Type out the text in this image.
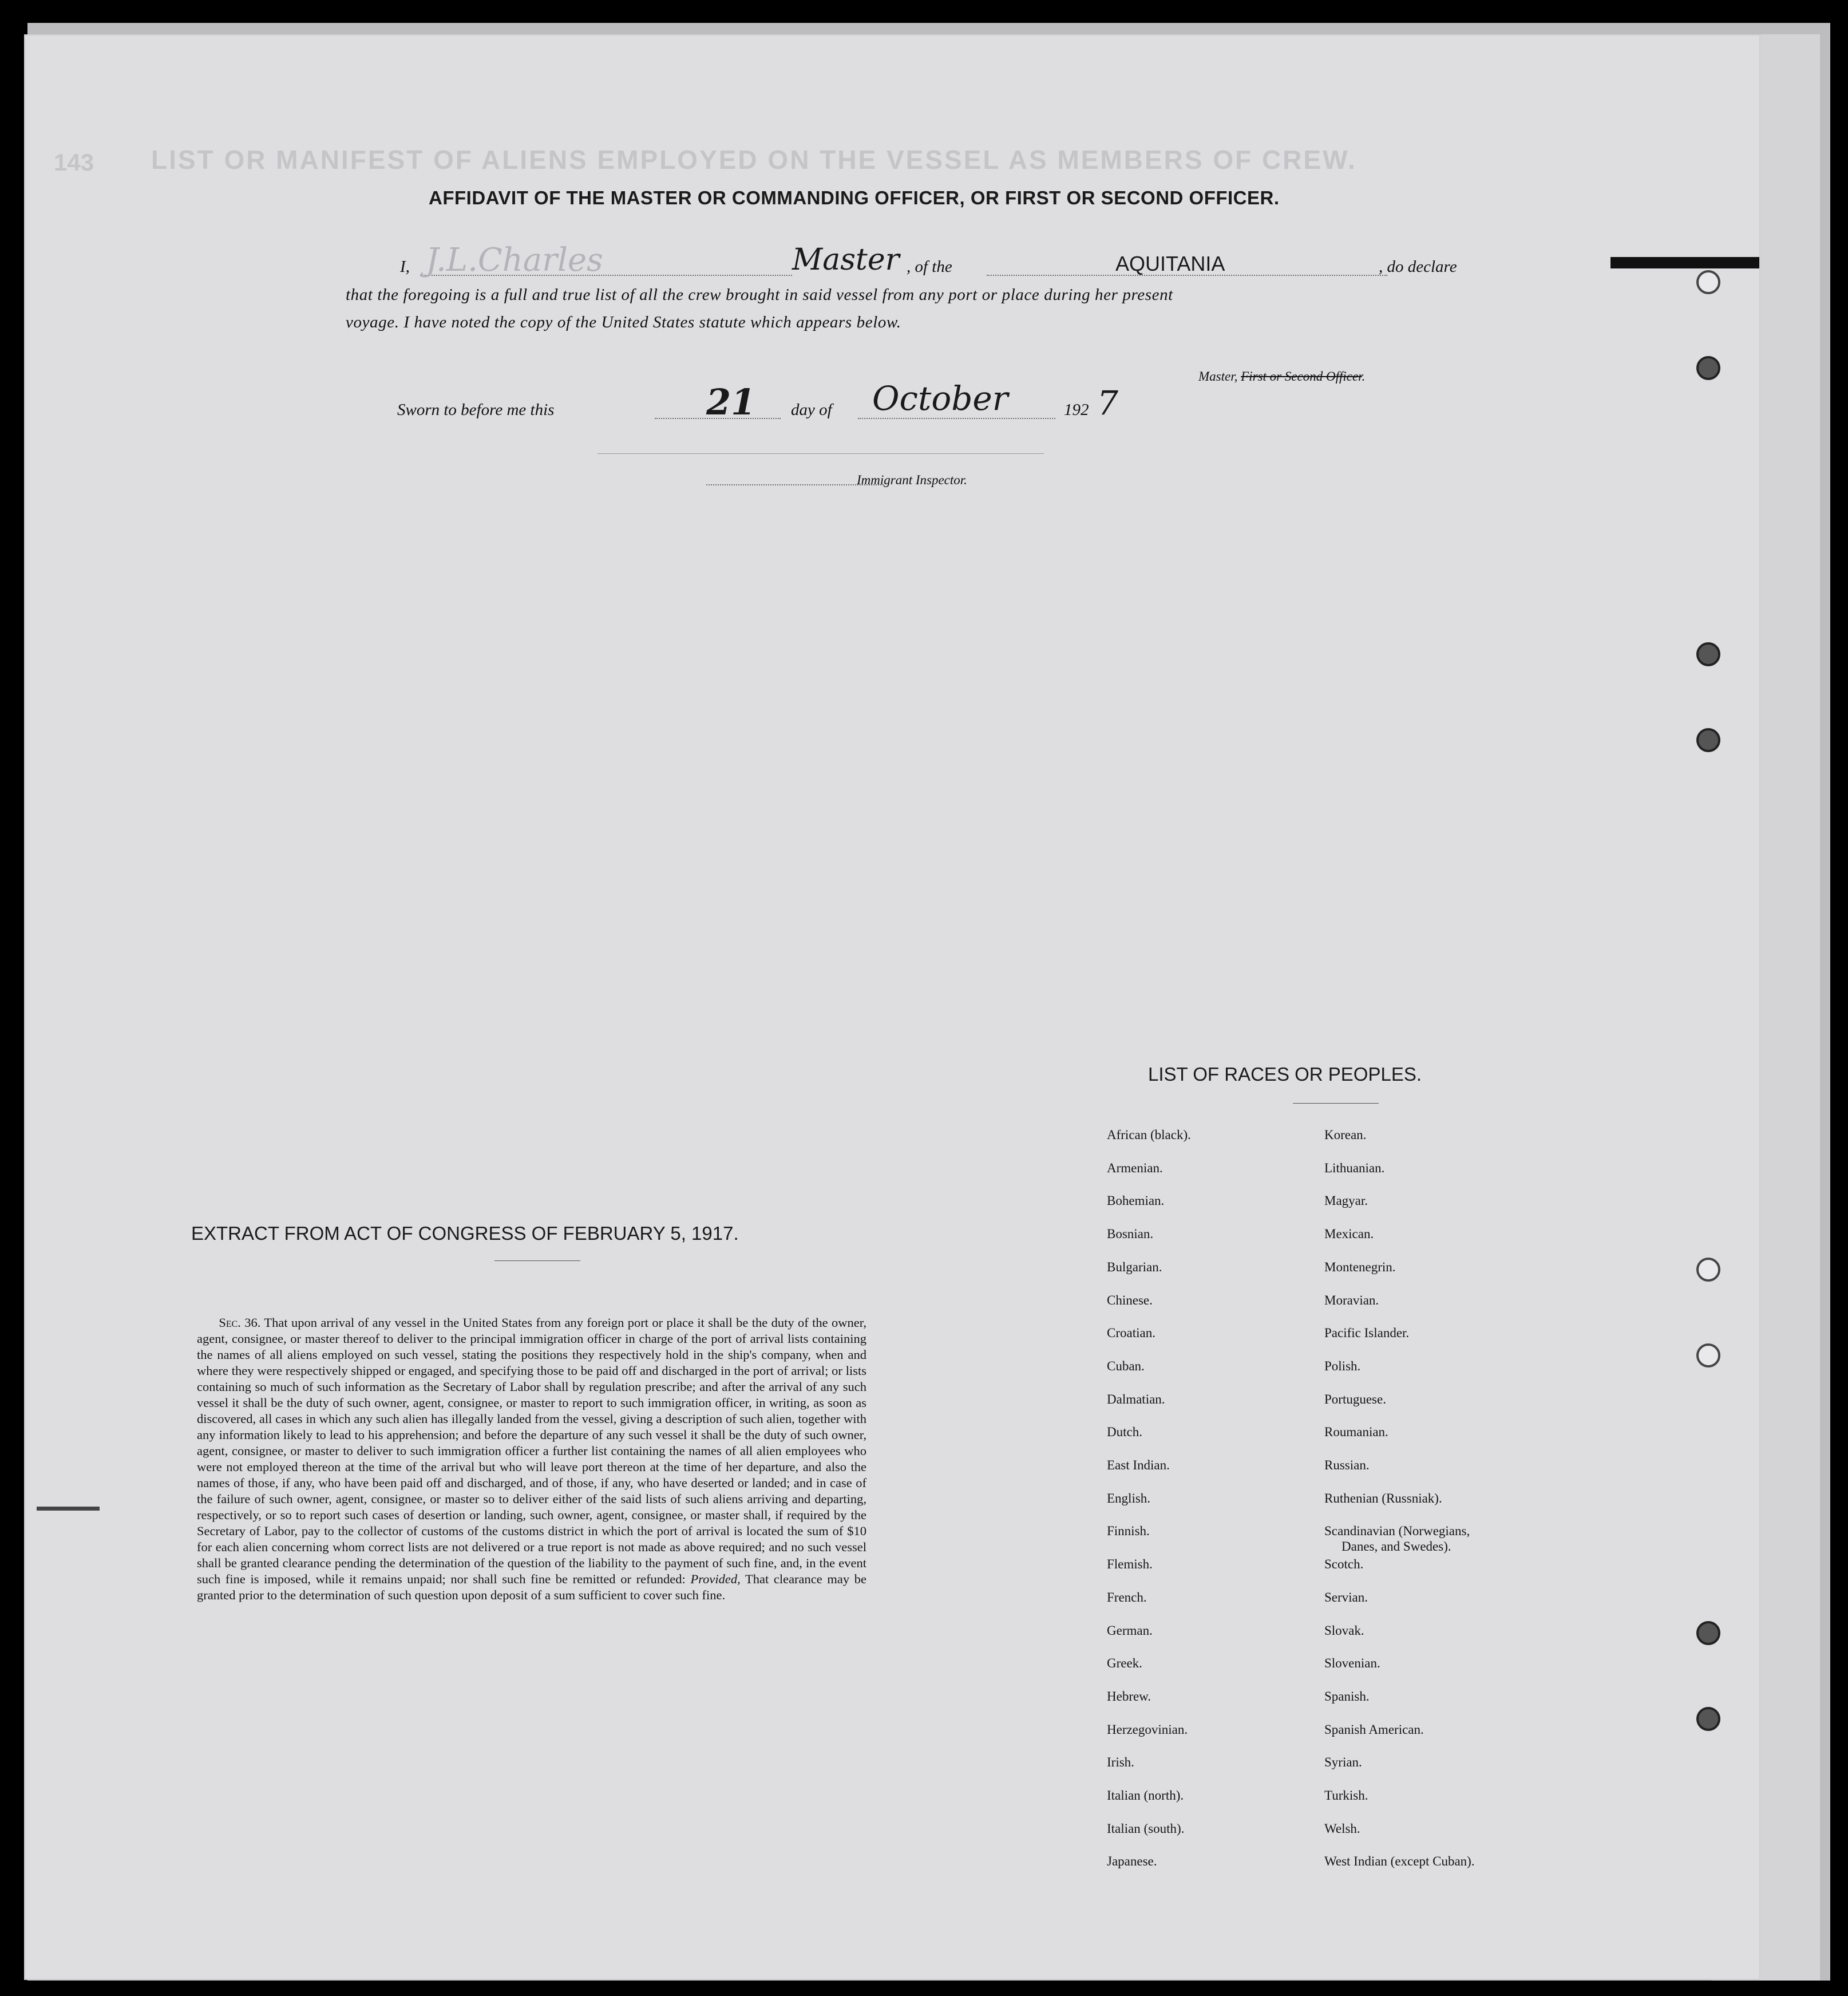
LIST OR MANIFEST OF ALIENS EMPLOYED ON THE VESSEL AS MEMBERS OF CREW.
143
AFFIDAVIT OF THE MASTER OR COMMANDING OFFICER, OR FIRST OR SECOND OFFICER.
I, J.L.Charles	Master , of the	AQUITANIA	, do declare
that the foregoing is a full and true list of all the crew brought in said vessel from any port or place during her present
voyage. I have noted the copy of the United States statute which appears below.
Master, First or Second Officer.
Sworn to before me this	21 day of October	192 7
Immigrant Inspector.
EXTRACT FROM ACT OF CONGRESS OF FEBRUARY 5, 1917.
Sec. 36. That upon arrival of any vessel in the United States from any foreign port or place it shall be the duty of the owner, agent, consignee, or master thereof to deliver to the principal immigration officer in charge of the port of arrival lists containing the names of all aliens employed on such vessel, stating the positions they respectively hold in the ship's company, when and where they were respectively shipped or engaged, and specifying those to be paid off and discharged in the port of arrival; or lists containing so much of such information as the Secretary of Labor shall by regulation prescribe; and after the arrival of any such vessel it shall be the duty of such owner, agent, consignee, or master to report to such immigration officer, in writing, as soon as discovered, all cases in which any such alien has illegally landed from the vessel, giving a description of such alien, together with any information likely to lead to his apprehension; and before the departure of any such vessel it shall be the duty of such owner, agent, consignee, or master to deliver to such immigration officer a further list containing the names of all alien employees who were not employed thereon at the time of the arrival but who will leave port thereon at the time of her departure, and also the names of those, if any, who have been paid off and discharged, and of those, if any, who have deserted or landed; and in case of the failure of such owner, agent, consignee, or master so to deliver either of the said lists of such aliens arriving and departing, respectively, or so to report such cases of desertion or landing, such owner, agent, consignee, or master shall, if required by the Secretary of Labor, pay to the collector of customs of the customs district in which the port of arrival is located the sum of $10 for each alien concerning whom correct lists are not delivered or a true report is not made as above required; and no such vessel shall be granted clearance pending the determination of the question of the liability to the payment of such fine, and, in the event such fine is imposed, while it remains unpaid; nor shall such fine be remitted or refunded: Provided, That clearance may be granted prior to the determination of such question upon deposit of a sum sufficient to cover such fine.
LIST OF RACES OR PEOPLES.
African (black).
Armenian.
Bohemian.
Bosnian.
Bulgarian.
Chinese.
Croatian.
Cuban.
Dalmatian.
Dutch.
East Indian.
English.
Finnish.
Flemish.
French.
German.
Greek.
Hebrew.
Herzegovinian.
Irish.
Italian (north).
Italian (south).
Japanese.
Korean.
Lithuanian.
Magyar.
Mexican.
Montenegrin.
Moravian.
Pacific Islander.
Polish.
Portuguese.
Roumanian.
Russian.
Ruthenian (Russniak).
Scandinavian (Norwegians,
Danes, and Swedes).
Scotch.
Servian.
Slovak.
Slovenian.
Spanish.
Spanish American.
Syrian.
Turkish.
Welsh.
West Indian (except Cuban).
